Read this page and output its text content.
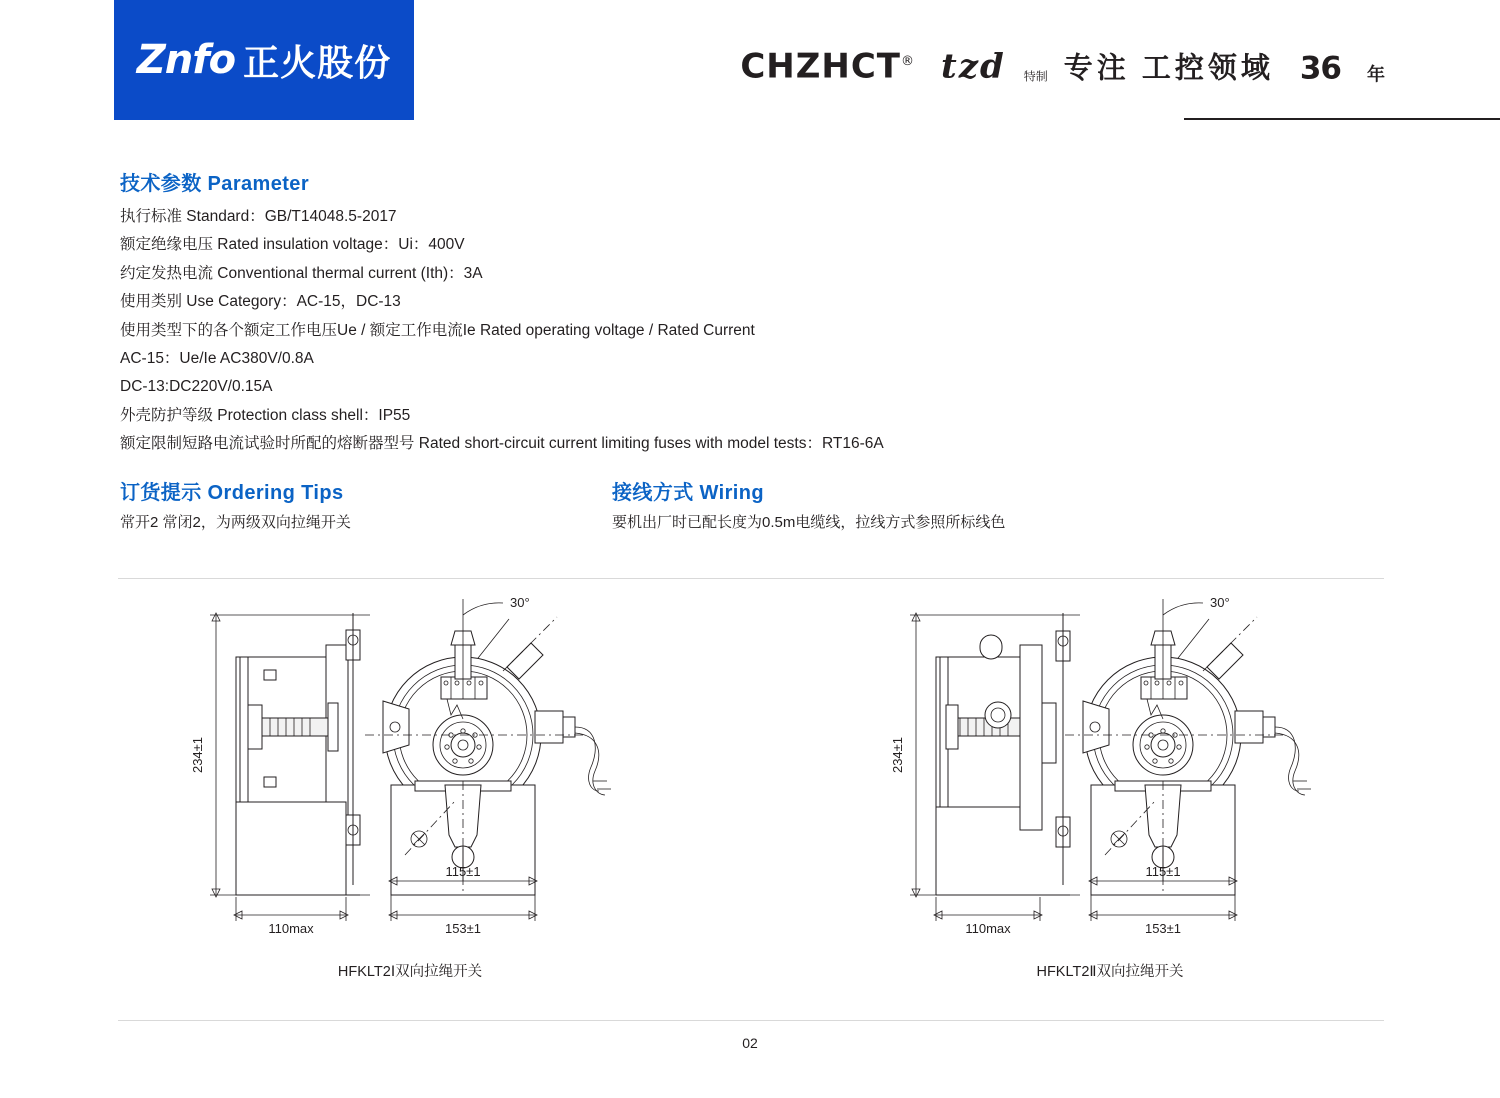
Znfo 正火股份	CHZHCT® tzd 特制 专注 工控领域 36 年
技术参数 Parameter
执行标准 Standard：GB/T14048.5-2017
额定绝缘电压 Rated insulation voltage：Ui：400V
约定发热电流 Conventional thermal current (Ith)：3A
使用类别 Use Category：AC-15，DC-13
使用类型下的各个额定工作电压Ue / 额定工作电流Ie Rated operating voltage / Rated Current
AC-15：Ue/Ie AC380V/0.8A
DC-13:DC220V/0.15A
外壳防护等级 Protection class shell：IP55
额定限制短路电流试验时所配的熔断器型号 Rated short-circuit current limiting fuses with model tests：RT16-6A
订货提示 Ordering Tips
常开2 常闭2，为两级双向拉绳开关
接线方式 Wiring
要机出厂时已配长度为0.5m电缆线，拉线方式参照所标线色
110max
234±1
30°
115±1
153±1
HFKLT2Ⅰ双向拉绳开关
110max
234±1
30°
115±1
153±1
HFKLT2Ⅱ双向拉绳开关
02
